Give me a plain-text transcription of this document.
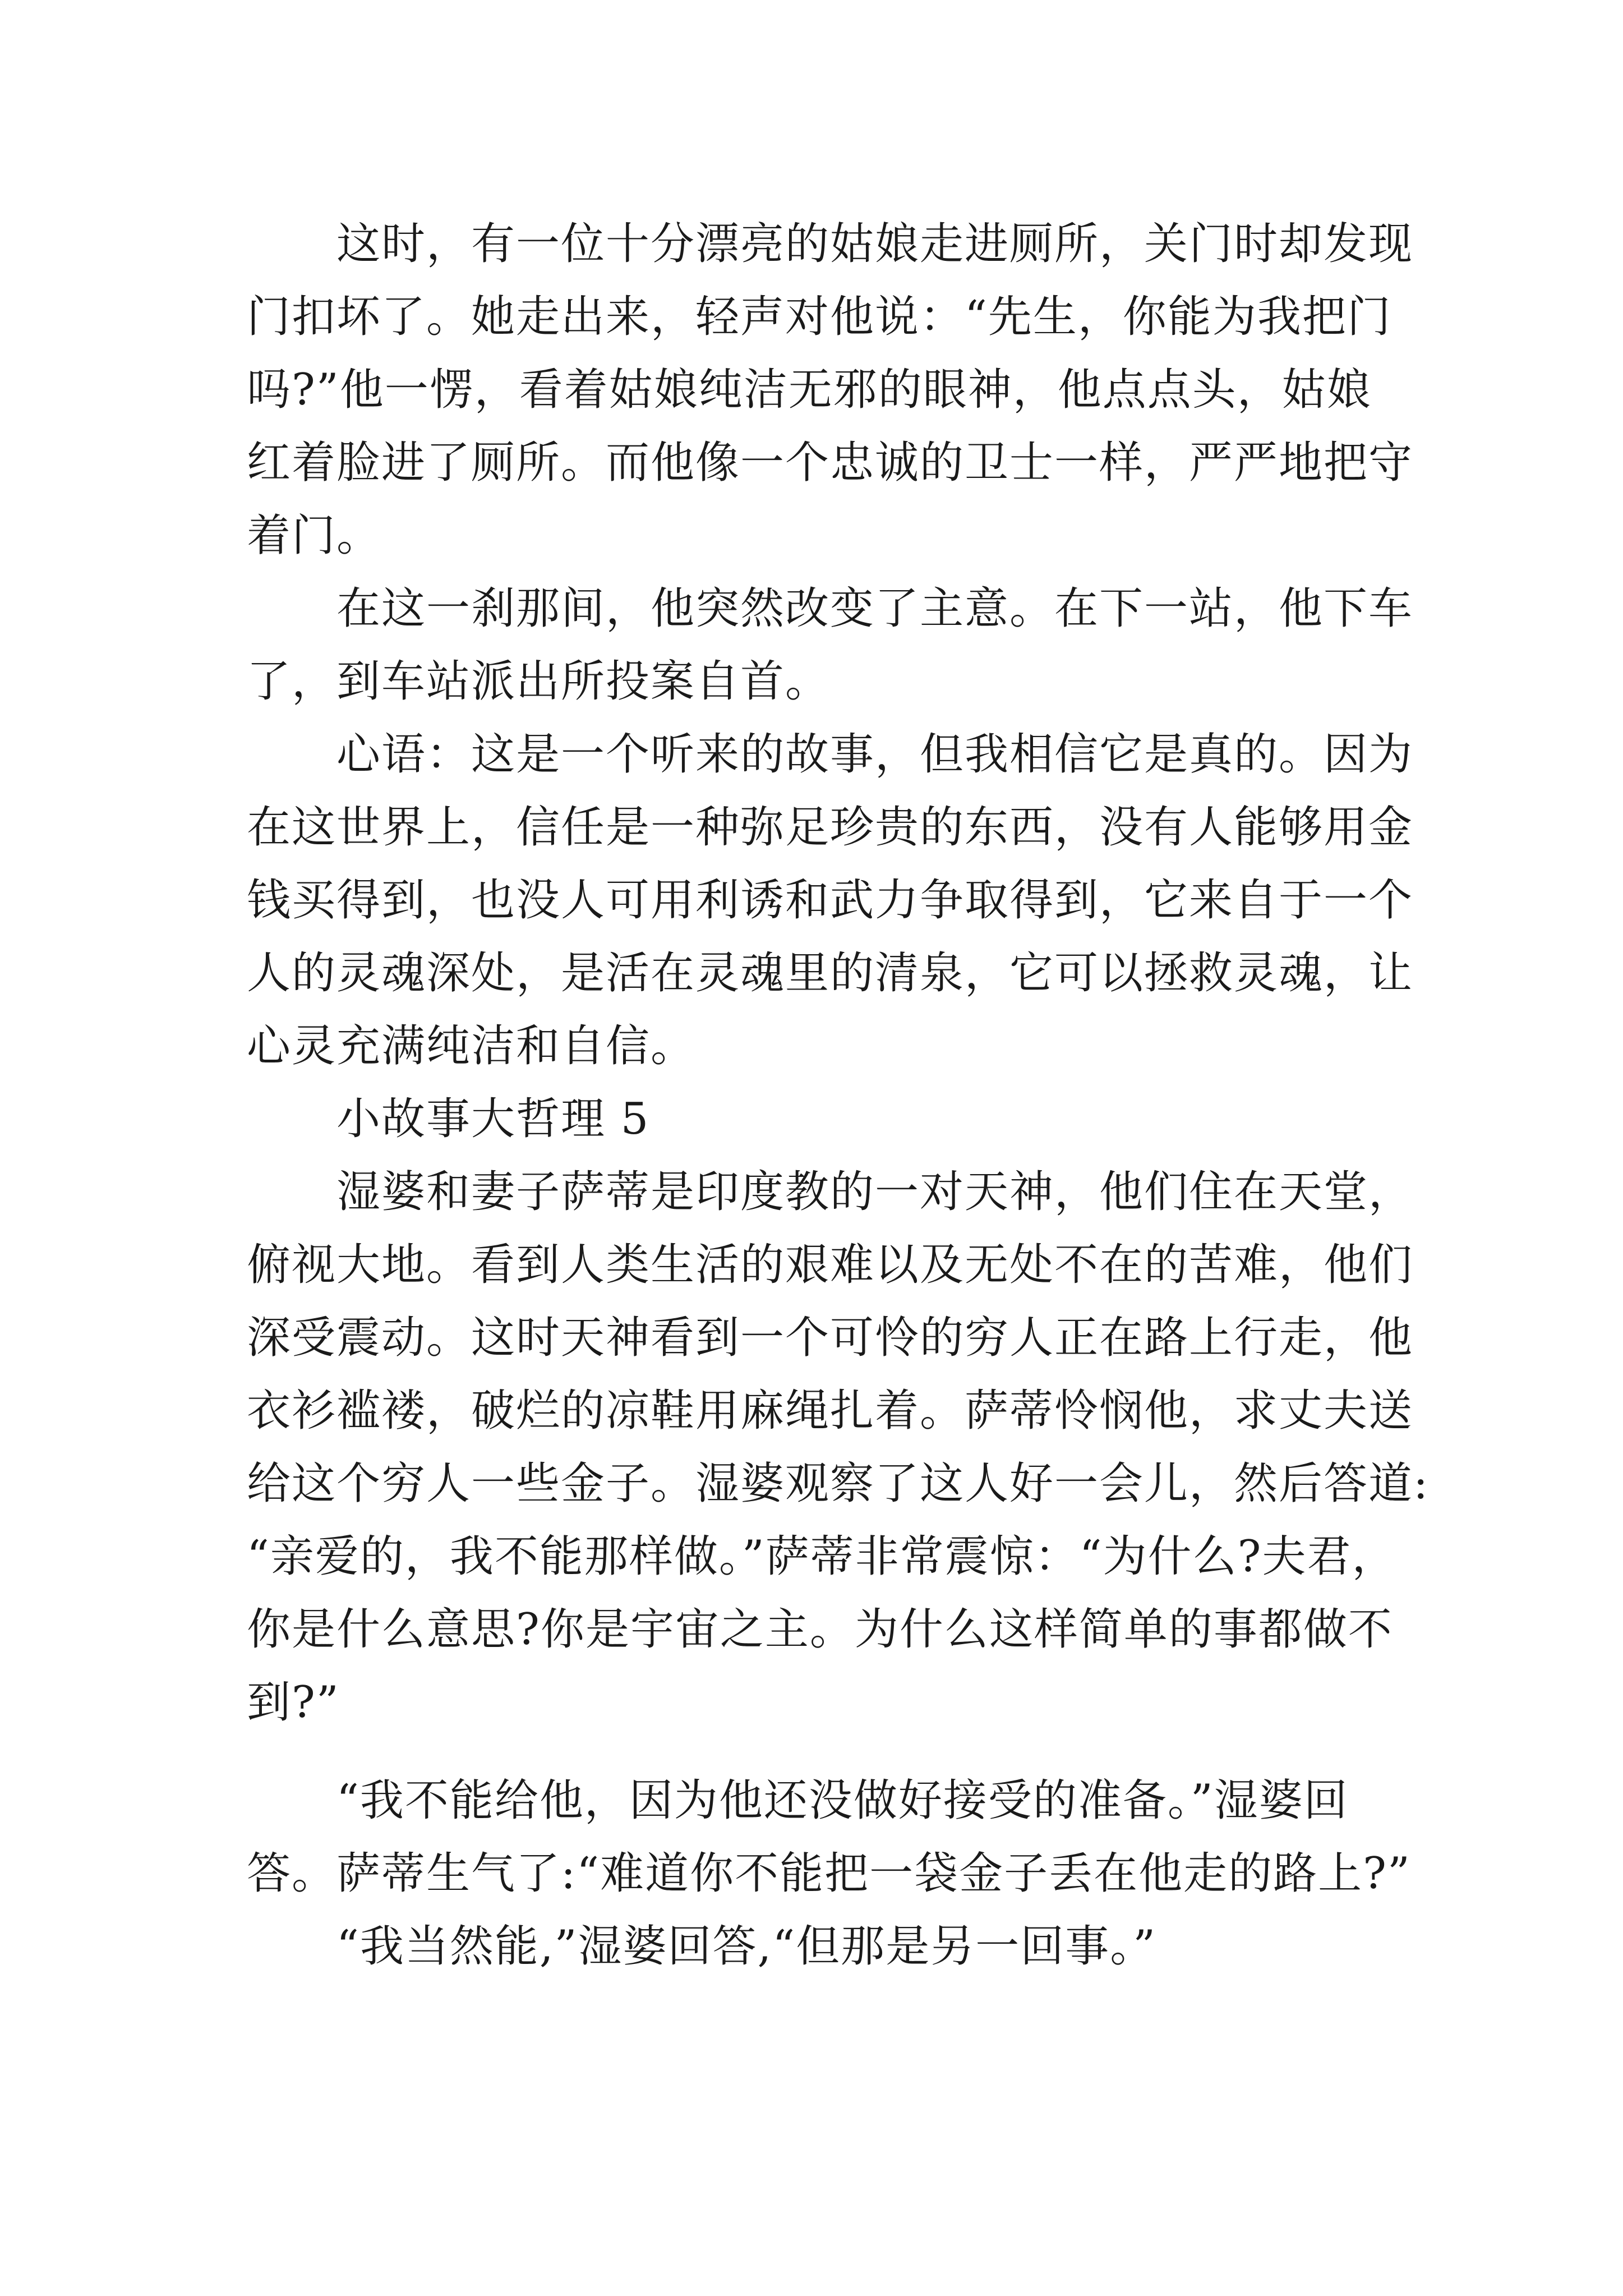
这时，有一位十分漂亮的姑娘走进厕所，关门时却发现
门扣坏了。她走出来，轻声对他说：“先生，你能为我把门
吗?”他一愣，看着姑娘纯洁无邪的眼神，他点点头，姑娘
红着脸进了厕所。而他像一个忠诚的卫士一样，严严地把守
着门。
在这一刹那间，他突然改变了主意。在下一站，他下车
了，到车站派出所投案自首。
心语：这是一个听来的故事，但我相信它是真的。因为
在这世界上，信任是一种弥足珍贵的东西，没有人能够用金
钱买得到，也没人可用利诱和武力争取得到，它来自于一个
人的灵魂深处，是活在灵魂里的清泉，它可以拯救灵魂，让
心灵充满纯洁和自信。
小故事大哲理 5
湿婆和妻子萨蒂是印度教的一对天神，他们住在天堂，
俯视大地。看到人类生活的艰难以及无处不在的苦难，他们
深受震动。这时天神看到一个可怜的穷人正在路上行走，他
衣衫褴褛，破烂的凉鞋用麻绳扎着。萨蒂怜悯他，求丈夫送
给这个穷人一些金子。湿婆观察了这人好一会儿，然后答道:
“亲爱的，我不能那样做。”萨蒂非常震惊：“为什么?夫君，
你是什么意思?你是宇宙之主。为什么这样简单的事都做不
到?”
“我不能给他，因为他还没做好接受的准备。”湿婆回
答。萨蒂生气了:“难道你不能把一袋金子丢在他走的路上?”
“我当然能,”湿婆回答,“但那是另一回事。”
